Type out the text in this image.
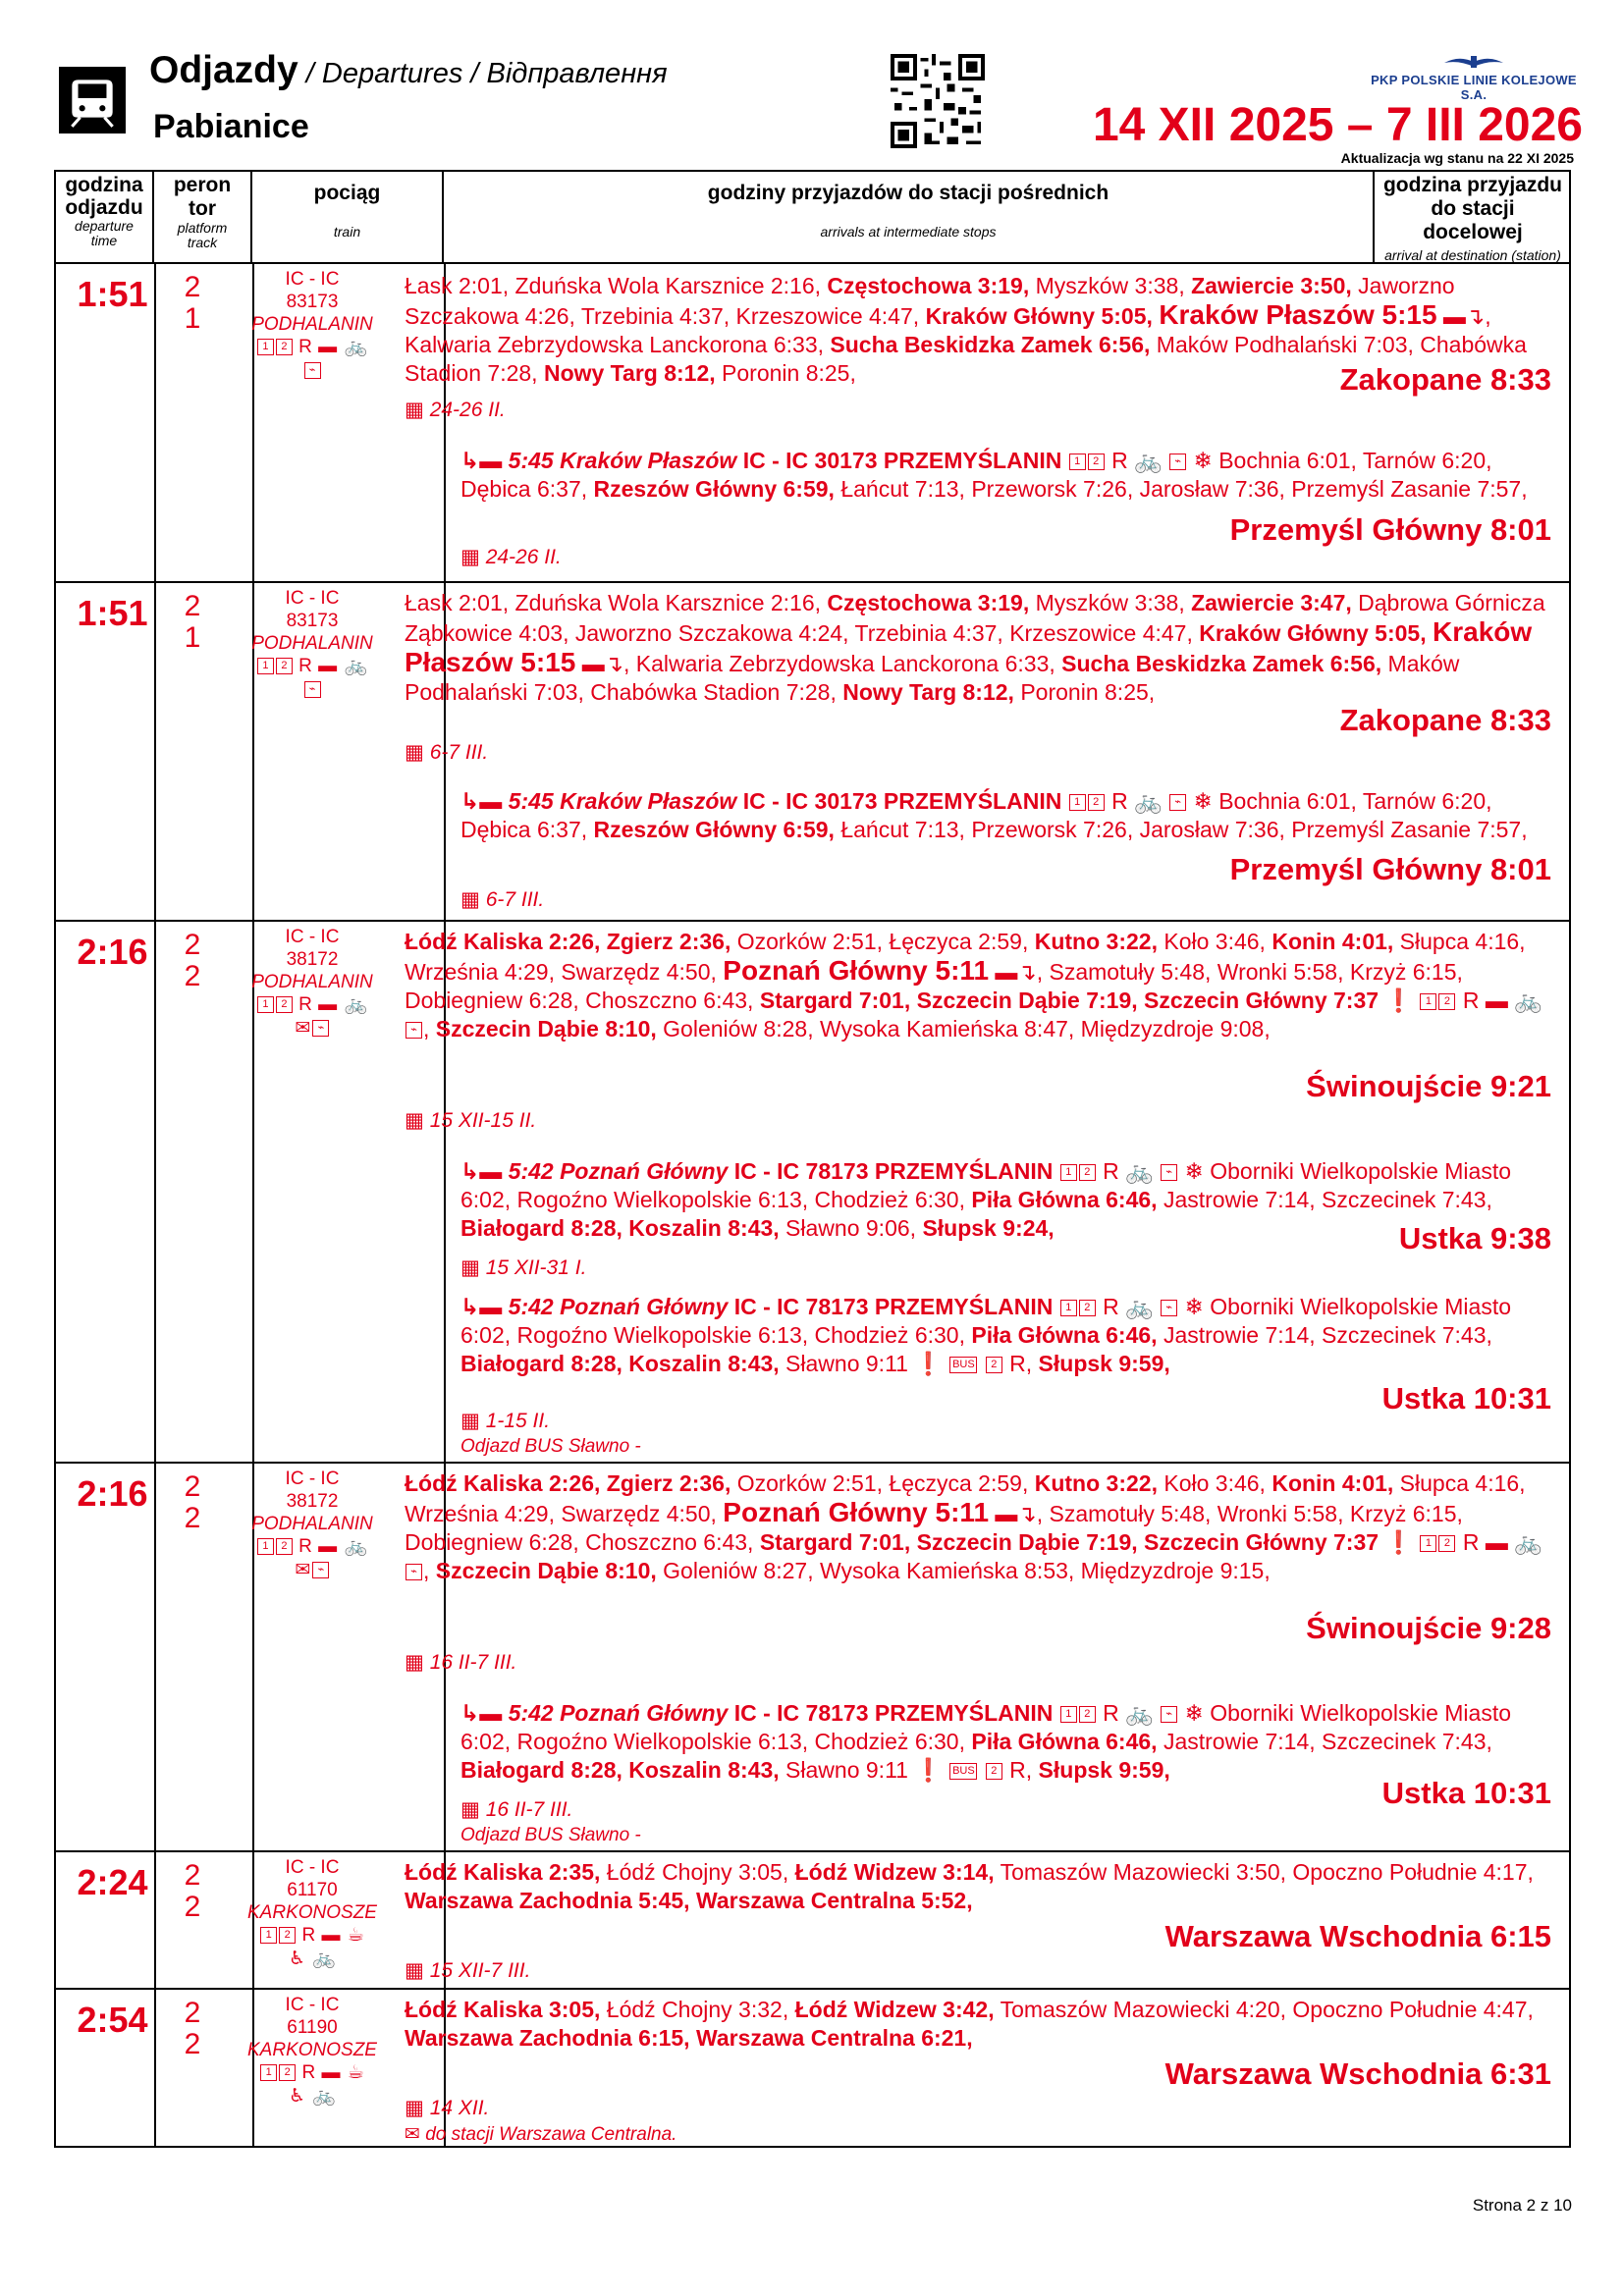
Odjazdy / Departures / Відправлення
Pabianice
PKP POLSKIE LINIE KOLEJOWE S.A.
14 XII 2025 – 7 III 2026
Aktualizacja wg stanu na 22 XI 2025
godzina odjazdu
departure time
peron tor
platform track
pociąg
train
godziny przyjazdów do stacji pośrednich
arrivals at intermediate stops
godzina przyjazdu do stacji docelowej
arrival at destination (station)
1:51	2
1
IC - IC
83173
PODHALANIN
1 2 R ▬ 🚲
⌁
Łask 2:01, Zduńska Wola Karsznice 2:16, Częstochowa 3:19, Myszków 3:38, Zawiercie 3:50, Jaworzno Szczakowa 4:26, Trzebinia 4:37, Krzeszowice 4:47, Kraków Główny 5:05, Kraków Płaszów 5:15 ▬↴, Kalwaria Zebrzydowska Lanckorona 6:33, Sucha Beskidzka Zamek 6:56, Maków Podhalański 7:03, Chabówka Stadion 7:28, Nowy Targ 8:12, Poronin 8:25,	Zakopane 8:33
▦ 24-26 II.
↳▬ 5:45 Kraków Płaszów IC - IC 30173 PRZEMYŚLANIN 1 2 R 🚲 ⌁ ❄ Bochnia 6:01, Tarnów 6:20, Dębica 6:37, Rzeszów Główny 6:59, Łańcut 7:13, Przeworsk 7:26, Jarosław 7:36, Przemyśl Zasanie 7:57,
Przemyśl Główny 8:01
▦ 24-26 II.
1:51	2
1
IC - IC
83173
PODHALANIN
1 2 R ▬ 🚲
⌁
Łask 2:01, Zduńska Wola Karsznice 2:16, Częstochowa 3:19, Myszków 3:38, Zawiercie 3:47, Dąbrowa Górnicza Ząbkowice 4:03, Jaworzno Szczakowa 4:24, Trzebinia 4:37, Krzeszowice 4:47, Kraków Główny 5:05, Kraków Płaszów 5:15 ▬↴, Kalwaria Zebrzydowska Lanckorona 6:33, Sucha Beskidzka Zamek 6:56, Maków Podhalański 7:03, Chabówka Stadion 7:28, Nowy Targ 8:12, Poronin 8:25,
Zakopane 8:33
▦ 6-7 III.
↳▬ 5:45 Kraków Płaszów IC - IC 30173 PRZEMYŚLANIN 1 2 R 🚲 ⌁ ❄ Bochnia 6:01, Tarnów 6:20, Dębica 6:37, Rzeszów Główny 6:59, Łańcut 7:13, Przeworsk 7:26, Jarosław 7:36, Przemyśl Zasanie 7:57,
Przemyśl Główny 8:01
▦ 6-7 III.
2:16	2
2
IC - IC
38172
PODHALANIN
1 2 R ▬ 🚲
✉ ⌁
Łódź Kaliska 2:26, Zgierz 2:36, Ozorków 2:51, Łęczyca 2:59, Kutno 3:22, Koło 3:46, Konin 4:01, Słupca 4:16, Września 4:29, Swarzędz 4:50, Poznań Główny 5:11 ▬↴, Szamotuły 5:48, Wronki 5:58, Krzyż 6:15, Dobiegniew 6:28, Choszczno 6:43, Stargard 7:01, Szczecin Dąbie 7:19, Szczecin Główny 7:37 ❗ 1 2 R ▬ 🚲 ⌁ , Szczecin Dąbie 8:10, Goleniów 8:28, Wysoka Kamieńska 8:47, Międzyzdroje 9:08,
Świnoujście 9:21
▦ 15 XII-15 II.
↳▬ 5:42 Poznań Główny IC - IC 78173 PRZEMYŚLANIN 1 2 R 🚲 ⌁ ❄ Oborniki Wielkopolskie Miasto 6:02, Rogoźno Wielkopolskie 6:13, Chodzież 6:30, Piła Główna 6:46, Jastrowie 7:14, Szczecinek 7:43, Białogard 8:28, Koszalin 8:43, Sławno 9:06, Słupsk 9:24,	Ustka 9:38
▦ 15 XII-31 I.
↳▬ 5:42 Poznań Główny IC - IC 78173 PRZEMYŚLANIN 1 2 R 🚲 ⌁ ❄ Oborniki Wielkopolskie Miasto 6:02, Rogoźno Wielkopolskie 6:13, Chodzież 6:30, Piła Główna 6:46, Jastrowie 7:14, Szczecinek 7:43, Białogard 8:28, Koszalin 8:43, Sławno 9:11 ❗ BUS 2 R, Słupsk 9:59,
Ustka 10:31
▦ 1-15 II.
Odjazd BUS Sławno -
2:16	2
2
IC - IC
38172
PODHALANIN
1 2 R ▬ 🚲
✉ ⌁
Łódź Kaliska 2:26, Zgierz 2:36, Ozorków 2:51, Łęczyca 2:59, Kutno 3:22, Koło 3:46, Konin 4:01, Słupca 4:16, Września 4:29, Swarzędz 4:50, Poznań Główny 5:11 ▬↴, Szamotuły 5:48, Wronki 5:58, Krzyż 6:15, Dobiegniew 6:28, Choszczno 6:43, Stargard 7:01, Szczecin Dąbie 7:19, Szczecin Główny 7:37 ❗ 1 2 R ▬ 🚲 ⌁ , Szczecin Dąbie 8:10, Goleniów 8:27, Wysoka Kamieńska 8:53, Międzyzdroje 9:15,
Świnoujście 9:28
▦ 16 II-7 III.
↳▬ 5:42 Poznań Główny IC - IC 78173 PRZEMYŚLANIN 1 2 R 🚲 ⌁ ❄ Oborniki Wielkopolskie Miasto 6:02, Rogoźno Wielkopolskie 6:13, Chodzież 6:30, Piła Główna 6:46, Jastrowie 7:14, Szczecinek 7:43, Białogard 8:28, Koszalin 8:43, Sławno 9:11 ❗ BUS 2 R, Słupsk 9:59,
Ustka 10:31
▦ 16 II-7 III.
Odjazd BUS Sławno -
2:24	2
2
IC - IC
61170
KARKONOSZE
1 2 R ▬ ☕
♿ 🚲
Łódź Kaliska 2:35, Łódź Chojny 3:05, Łódź Widzew 3:14, Tomaszów Mazowiecki 3:50, Opoczno Południe 4:17, Warszawa Zachodnia 5:45, Warszawa Centralna 5:52,
Warszawa Wschodnia 6:15
▦ 15 XII-7 III.
2:54	2
2
IC - IC
61190
KARKONOSZE
1 2 R ▬ ☕
♿ 🚲
Łódź Kaliska 3:05, Łódź Chojny 3:32, Łódź Widzew 3:42, Tomaszów Mazowiecki 4:20, Opoczno Południe 4:47, Warszawa Zachodnia 6:15, Warszawa Centralna 6:21,
Warszawa Wschodnia 6:31
▦ 14 XII.
✉ do stacji Warszawa Centralna.
Strona 2 z 10
